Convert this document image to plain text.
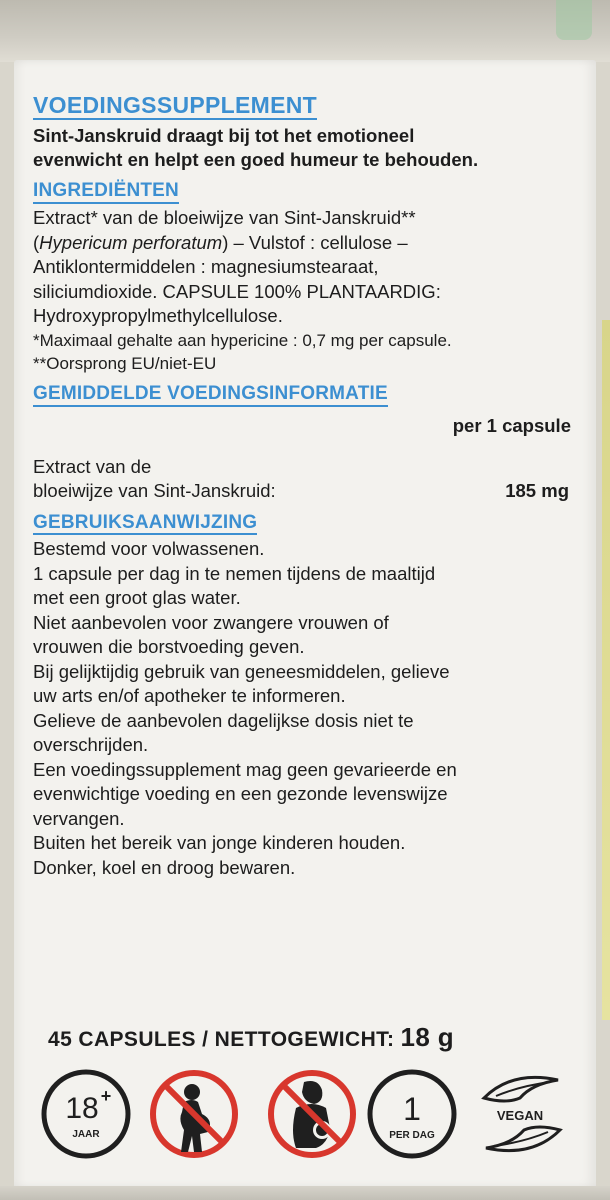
VOEDINGSSUPPLEMENT

Sint-Janskruid draagt bij tot het emotioneel
evenwicht en helpt een goed humeur te behouden.

INGREDIËNTEN

Extract* van de bloeiwijze van Sint-Janskruid**
(Hypericum perforatum) – Vulstof : cellulose –

Antiklontermiddelen : magnesiumstearaat,
siliciumdioxide. CAPSULE 100% PLANTAARDIG:
Hydroxypropylmethylcellulose.

*Maximaal gehalte aan hypericine : 0,7 mg per capsule.
**Oorsprong EU/niet-EU

GEMIDDELDE VOEDINGSINFORMATIE
per 1 capsule
Extract van de
bloeiwijze van Sint-Janskruid:	185 mg
GEBRUIKSAANWIJZING

Bestemd voor volwassenen.

1 capsule per dag in te nemen tijdens de maaltijd

met een groot glas water.

Niet aanbevolen voor zwangere vrouwen of

vrouwen die borstvoeding geven.

Bij gelijktijdig gebruik van geneesmiddelen, gelieve

uw arts en/of apotheker te informeren.

Gelieve de aanbevolen dagelijkse dosis niet te

overschrijden.

Een voedingssupplement mag geen gevarieerde en

evenwichtige voeding en een gezonde levenswijze

vervangen.

Buiten het bereik van jonge kinderen houden.

Donker, koel en droog bewaren.

45 CAPSULES / NETTOGEWICHT: 18 g
18 +
JAAR
1
PER DAG
VEGAN
